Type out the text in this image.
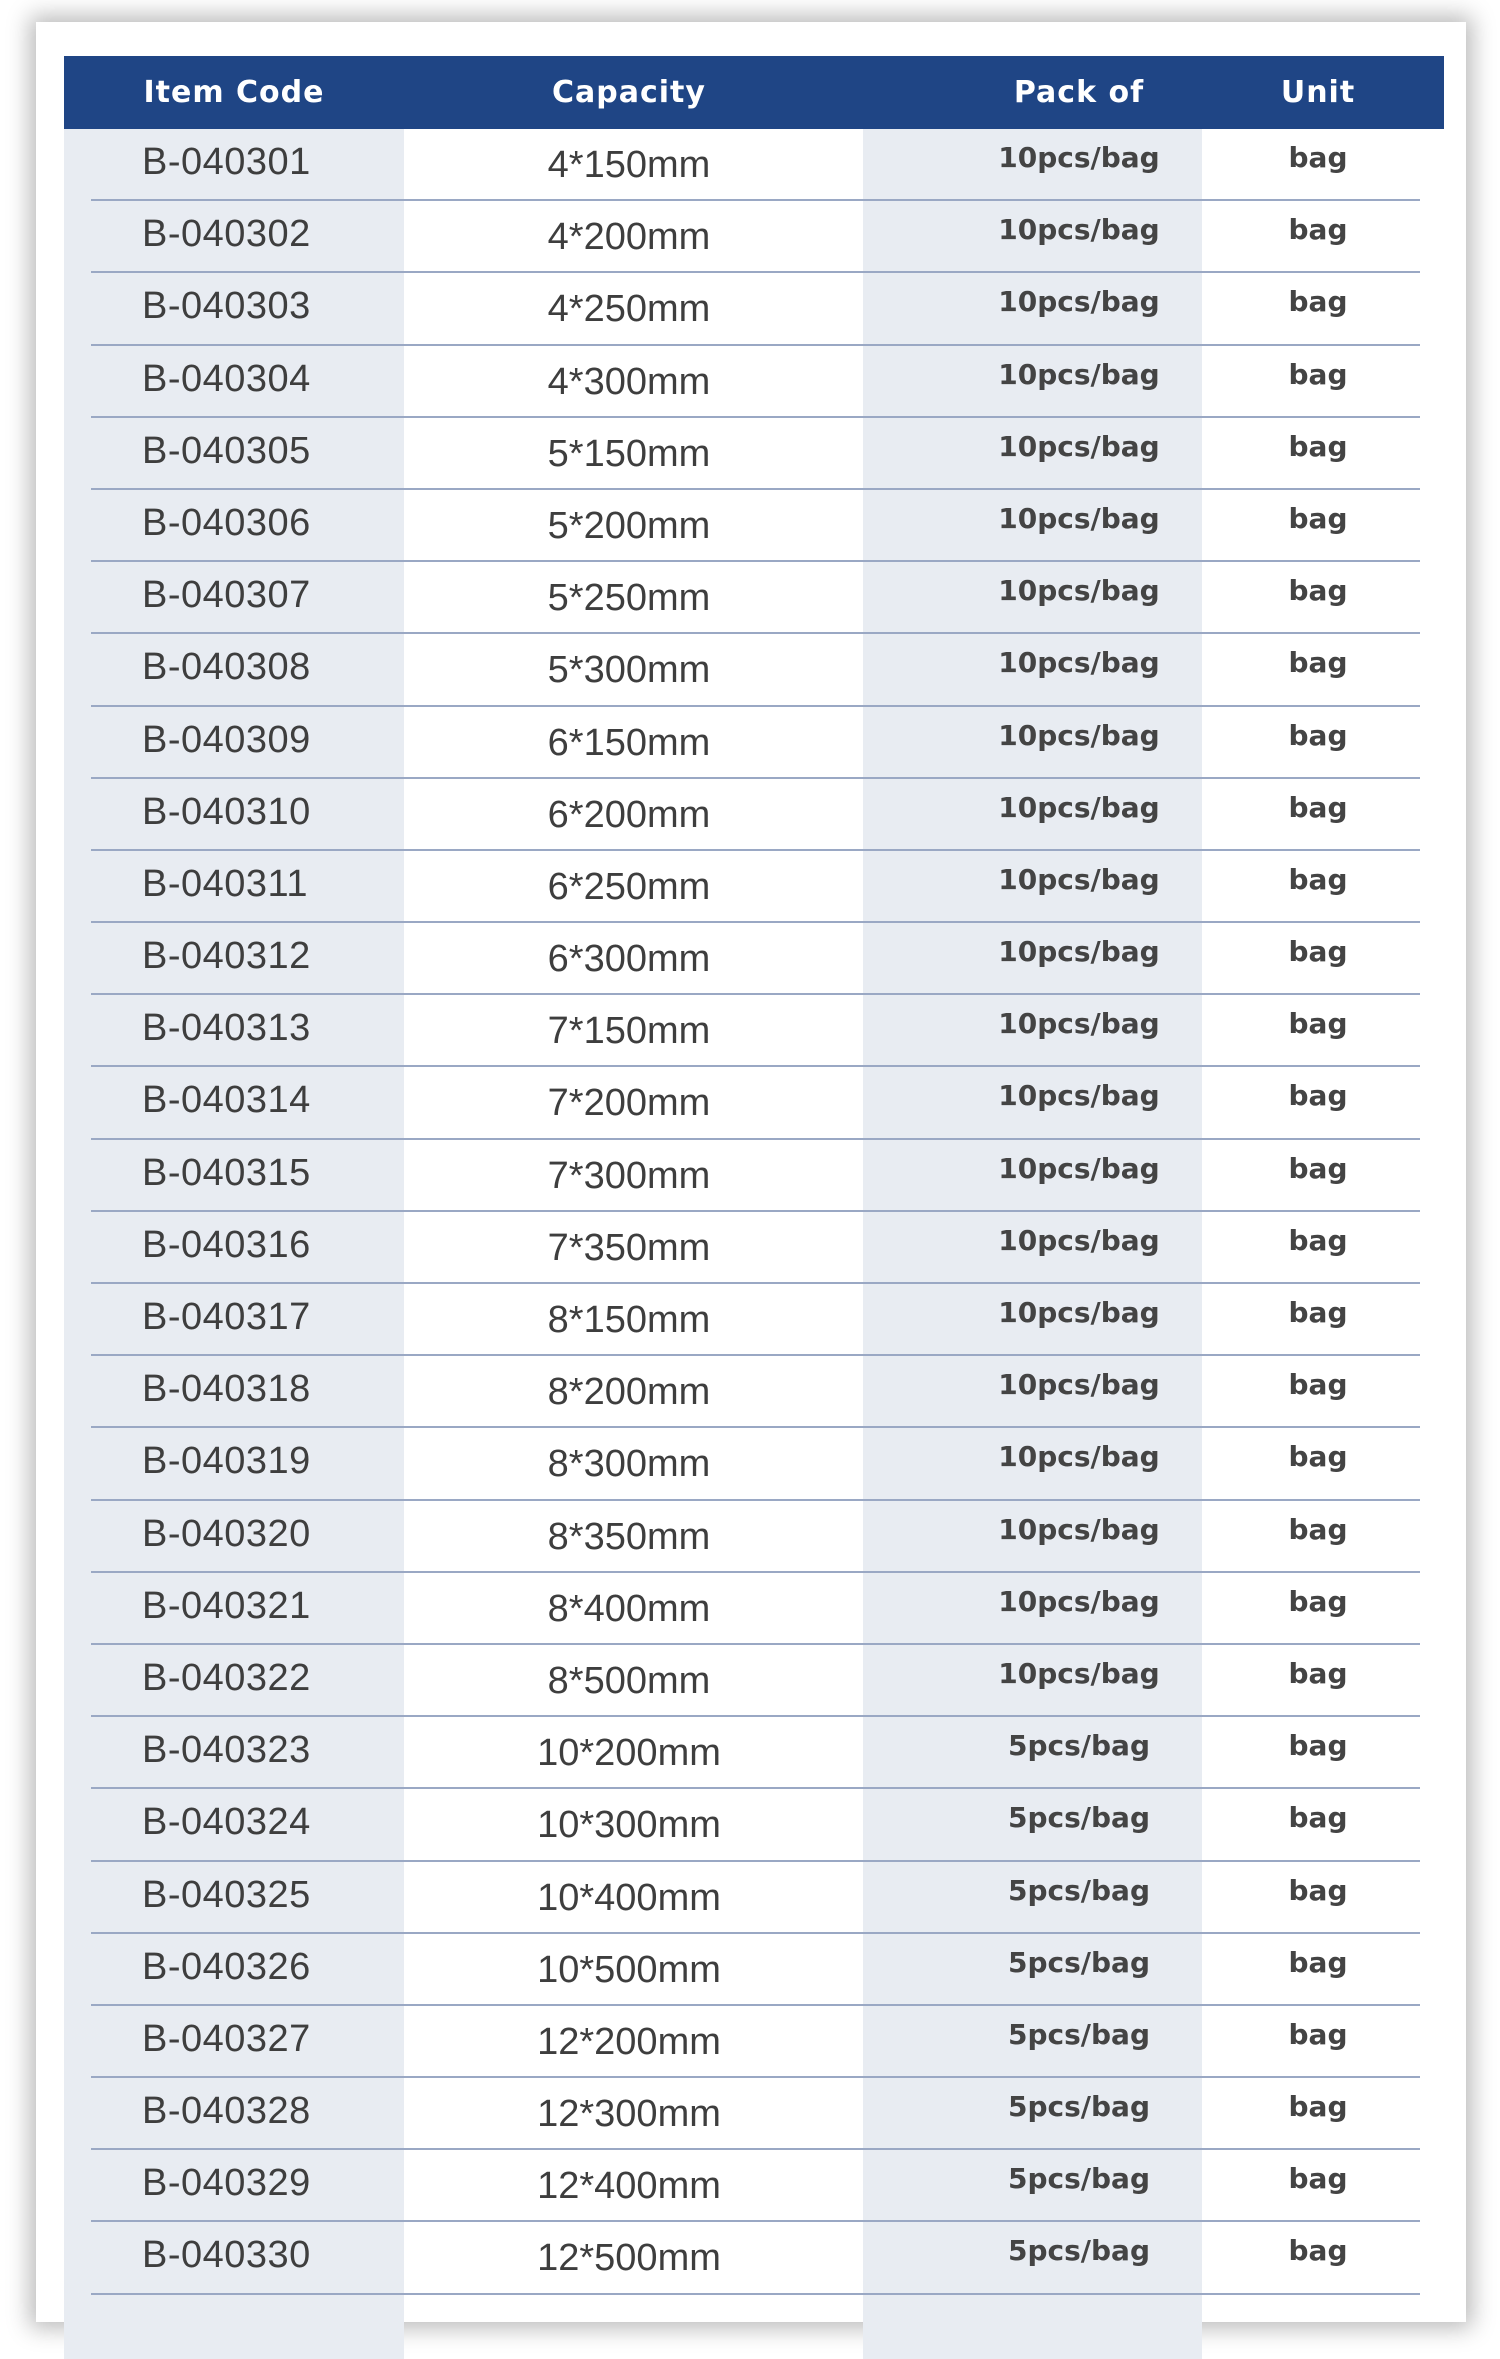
Item Code	Capacity	Pack of	Unit
B-040301	4*150mm	10pcs/bag	bag
B-040302	4*200mm	10pcs/bag	bag
B-040303	4*250mm	10pcs/bag	bag
B-040304	4*300mm	10pcs/bag	bag
B-040305	5*150mm	10pcs/bag	bag
B-040306	5*200mm	10pcs/bag	bag
B-040307	5*250mm	10pcs/bag	bag
B-040308	5*300mm	10pcs/bag	bag
B-040309	6*150mm	10pcs/bag	bag
B-040310	6*200mm	10pcs/bag	bag
B-040311	6*250mm	10pcs/bag	bag
B-040312	6*300mm	10pcs/bag	bag
B-040313	7*150mm	10pcs/bag	bag
B-040314	7*200mm	10pcs/bag	bag
B-040315	7*300mm	10pcs/bag	bag
B-040316	7*350mm	10pcs/bag	bag
B-040317	8*150mm	10pcs/bag	bag
B-040318	8*200mm	10pcs/bag	bag
B-040319	8*300mm	10pcs/bag	bag
B-040320	8*350mm	10pcs/bag	bag
B-040321	8*400mm	10pcs/bag	bag
B-040322	8*500mm	10pcs/bag	bag
B-040323	10*200mm	5pcs/bag	bag
B-040324	10*300mm	5pcs/bag	bag
B-040325	10*400mm	5pcs/bag	bag
B-040326	10*500mm	5pcs/bag	bag
B-040327	12*200mm	5pcs/bag	bag
B-040328	12*300mm	5pcs/bag	bag
B-040329	12*400mm	5pcs/bag	bag
B-040330	12*500mm	5pcs/bag	bag
